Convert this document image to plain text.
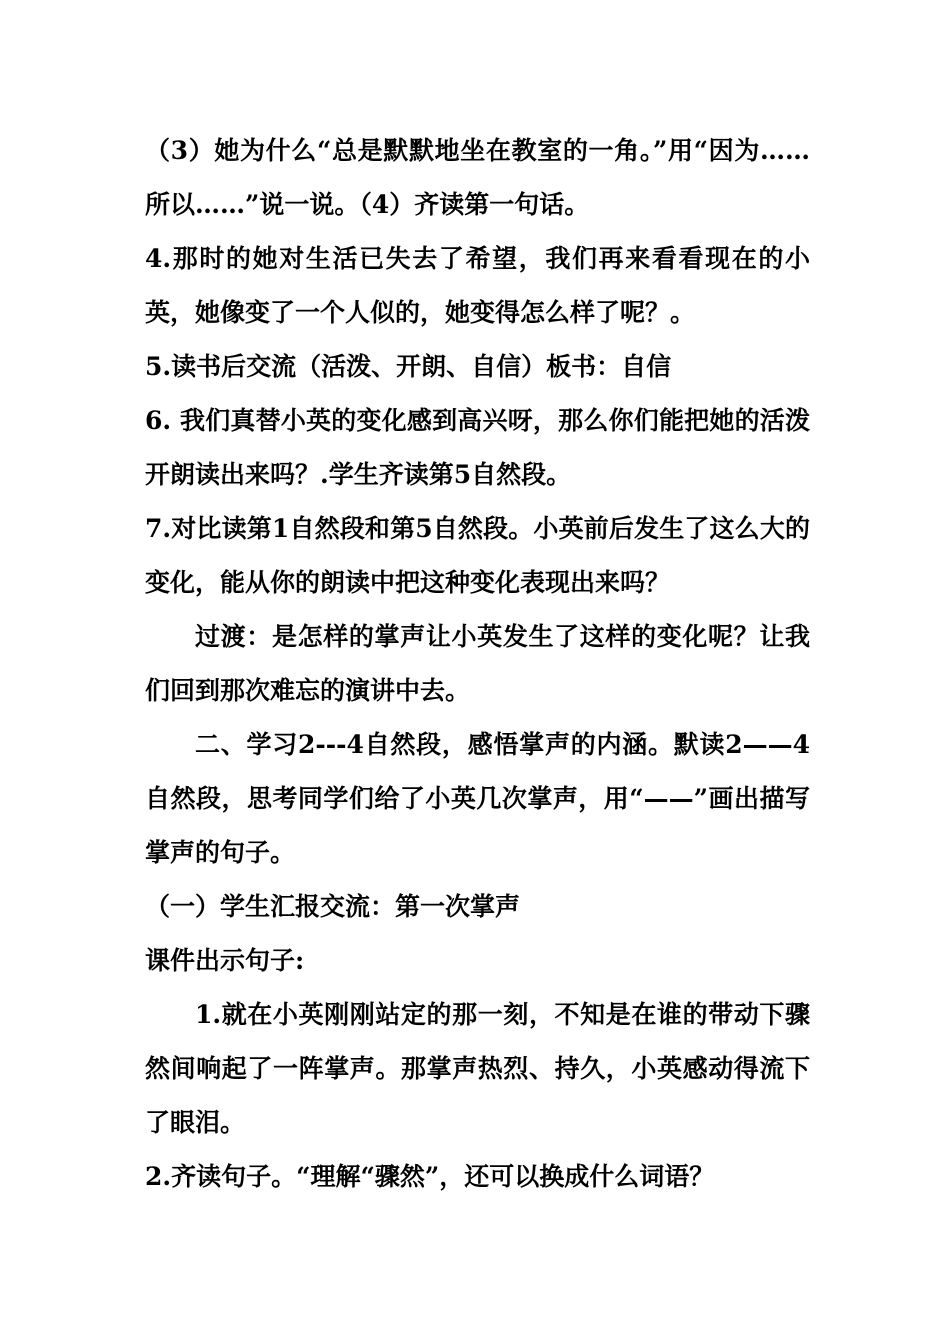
（3）她为什么“总是默默地坐在教室的一角。”用“因为……所以……”说一说。（4）齐读第一句话。

4.那时的她对生活已失去了希望，我们再来看看现在的小英，她像变了一个人似的，她变得怎么样了呢？。

5.读书后交流（活泼、开朗、自信）板书：自信

6. 我们真替小英的变化感到高兴呀，那么你们能把她的活泼开朗读出来吗？.学生齐读第5自然段。

7.对比读第1自然段和第5自然段。小英前后发生了这么大的变化，能从你的朗读中把这种变化表现出来吗？

过渡：是怎样的掌声让小英发生了这样的变化呢？让我们回到那次难忘的演讲中去。

二、学习2---4自然段，感悟掌声的内涵。默读2——4自然段，思考同学们给了小英几次掌声，用“——”画出描写掌声的句子。

（一）学生汇报交流：第一次掌声

课件出示句子:

1.就在小英刚刚站定的那一刻，不知是在谁的带动下骤然间响起了一阵掌声。那掌声热烈、持久，小英感动得流下了眼泪。

2.齐读句子。“理解“骤然”，还可以换成什么词语？
